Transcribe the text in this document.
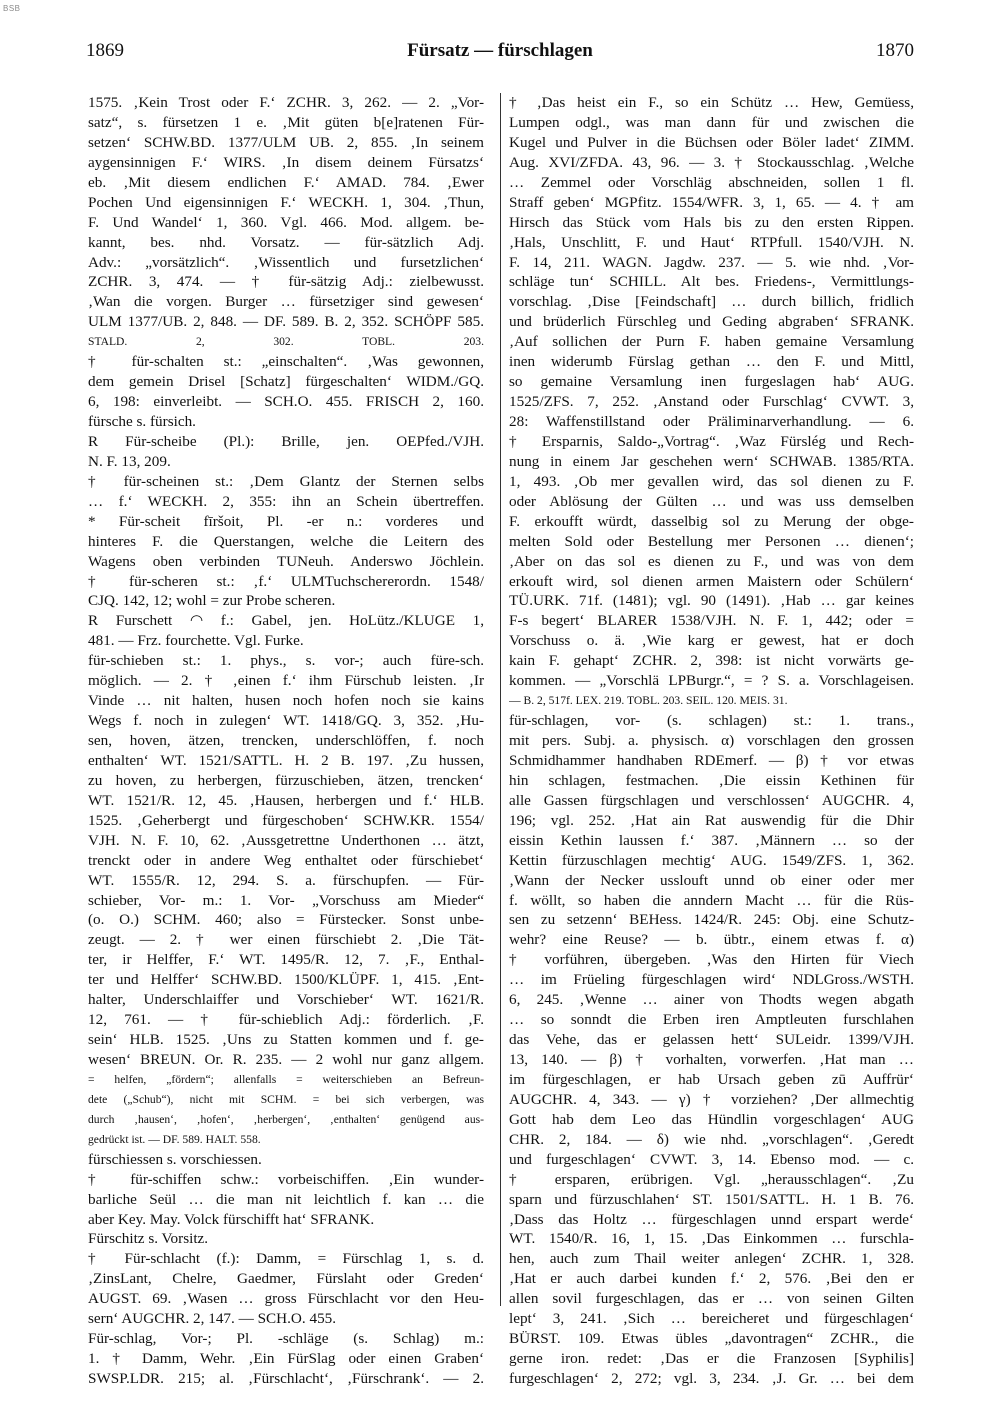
BSB
1869	Fürsatz — fürschlagen	1870
1575. ‚Kein Trost oder F.‘ ZCHR. 3, 262. — 2. „Vor-
satz“, s. fürsetzen 1 e. ‚Mit güten b[e]ratenen Für-
setzen‘ SCHW.BD. 1377/ULM UB. 2, 855. ‚In seinem
aygensinnigen F.‘ WIRS. ‚In disem deinem Fürsatzs‘
eb. ‚Mit diesem endlichen F.‘ AMAD. 784. ‚Ewer
Pochen Und eigensinnigen F.‘ WECKH. 1, 304. ‚Thun,
F. Und Wandel‘ 1, 360. Vgl. 466. Mod. allgem. be-
kannt, bes. nhd. Vorsatz. — für-sätzlich Adj.
Adv.: „vorsätzlich“. ‚Wissentlich und fursetzlichen‘
ZCHR. 3, 474. — † für-sätzig Adj.: zielbewusst.
‚Wan die vorgen. Burger … fürsetziger sind gewesen‘
ULM 1377/UB. 2, 848. — DF. 589. B. 2, 352. SCHÖPF 585.
STALD. 2, 302. TOBL. 203.
† für-schalten st.: „einschalten“. ‚Was gewonnen,
dem gemein Drisel [Schatz] fürgeschalten‘ WIDM./GQ.
6, 198: einverleibt. — SCH.O. 455. FRISCH 2, 160.
fürsche s. fürsich.
R Für-scheibe (Pl.): Brille, jen. OEPfed./VJH.
N. F. 13, 209.
† für-scheinen st.: ‚Dem Glantz der Sternen selbs
… f.‘ WECKH. 2, 355: ihn an Schein übertreffen.
* Für-scheit fīršoit, Pl. -er n.: vorderes und
hinteres F. die Querstangen, welche die Leitern des
Wagens oben verbinden TUNeuh. Anderswo Jöchlein.
† für-scheren st.: ‚f.‘ ULMTuchschererordn. 1548/
CJQ. 142, 12; wohl = zur Probe scheren.
R Furschett ◠ f.: Gabel, jen. HoLütz./KLUGE 1,
481. — Frz. fourchette. Vgl. Furke.
für-schieben st.: 1. phys., s. vor-; auch füre-sch.
möglich. — 2. † ‚einen f.‘ ihm Fürschub leisten. ‚Ir
Vinde … nit halten, husen noch hofen noch sie kains
Wegs f. noch in zulegen‘ WT. 1418/GQ. 3, 352. ‚Hu-
sen, hoven, ätzen, trencken, underschlöffen, f. noch
enthalten‘ WT. 1521/SATTL. H. 2 B. 197. ‚Zu hussen,
zu hoven, zu herbergen, fürzuschieben, ätzen, trencken‘
WT. 1521/R. 12, 45. ‚Hausen, herbergen und f.‘ HLB.
1525. ‚Geherbergt und fürgeschoben‘ SCHW.KR. 1554/
VJH. N. F. 10, 62. ‚Aussgetrettne Underthonen … ätzt,
trenckt oder in andere Weg enthaltet oder fürschiebet‘
WT. 1555/R. 12, 294. S. a. fürschupfen. — Für-
schieber, Vor- m.: 1. Vor- „Vorschuss am Mieder“
(o. O.) SCHM. 460; also = Fürstecker. Sonst unbe-
zeugt. — 2. † wer einen fürschiebt 2. ‚Die Tät-
ter, ir Helffer, F.‘ WT. 1495/R. 12, 7. ‚F., Enthal-
ter und Helffer‘ SCHW.BD. 1500/KLÜPF. 1, 415. ‚Ent-
halter, Underschlaiffer und Vorschieber‘ WT. 1621/R.
12, 761. — † für-schieblich Adj.: förderlich. ‚F.
sein‘ HLB. 1525. ‚Uns zu Statten kommen und f. ge-
wesen‘ BREUN. Or. R. 235. — 2 wohl nur ganz allgem.
= helfen, „fördern“; allenfalls = weiterschieben an Befreun-
dete („Schub“), nicht mit SCHM. = bei sich verbergen, was
durch ‚hausen‘, ‚hofen‘, ‚herbergen‘, ‚enthalten‘ genügend aus-
gedrückt ist. — DF. 589. HALT. 558.
fürschiessen s. vorschiessen.
† für-schiffen schw.: vorbeischiffen. ‚Ein wunder-
barliche Seül … die man nit leichtlich f. kan … die
aber Key. May. Volck fürschifft hat‘ SFRANK.
Fürschitz s. Vorsitz.
† Für-schlacht (f.): Damm, = Fürschlag 1, s. d.
‚ZinsLant, Chelre, Gaedmer, Fürslaht oder Greden‘
AUGST. 69. ‚Wasen … gross Fürschlacht vor den Heu-
sern‘ AUGCHR. 2, 147. — SCH.O. 455.
Für-schlag, Vor-; Pl. -schläge (s. Schlag) m.:
1. † Damm, Wehr. ‚Ein FürSlag oder einen Graben‘
SWSP.LDR. 215; al. ‚Fürschlacht‘, ‚Fürschrank‘. — 2.
† ‚Das heist ein F., so ein Schütz … Hew, Gemüess,
Lumpen odgl., was man dann für und zwischen die
Kugel und Pulver in die Büchsen oder Böler ladet‘ ZIMM.
Aug. XVI/ZFDA. 43, 96. — 3. † Stockausschlag. ‚Welche
… Zemmel oder Vorschläg abschneiden, sollen 1 fl.
Straff geben‘ MGPfitz. 1554/WFR. 3, 1, 65. — 4. † am
Hirsch das Stück vom Hals bis zu den ersten Rippen.
‚Hals, Unschlitt, F. und Haut‘ RTPfull. 1540/VJH. N.
F. 14, 211. WAGN. Jagdw. 237. — 5. wie nhd. ‚Vor-
schläge tun‘ SCHILL. Alt bes. Friedens-, Vermittlungs-
vorschlag. ‚Dise [Feindschaft] … durch billich, fridlich
und brüderlich Fürschleg und Geding abgraben‘ SFRANK.
‚Auf sollichen der Purn F. haben gemaine Versamlung
inen widerumb Fürslag gethan … den F. und Mittl,
so gemaine Versamlung inen furgeslagen hab‘ AUG.
1525/ZFS. 7, 252. ‚Anstand oder Furschlag‘ CVWT. 3,
28: Waffenstillstand oder Präliminarverhandlung. — 6.
† Ersparnis, Saldo-„Vortrag“. ‚Waz Fürslég und Rech-
nung in einem Jar geschehen wern‘ SCHWAB. 1385/RTA.
1, 493. ‚Ob mer gevallen wird, das sol dienen zu F.
oder Ablösung der Gülten … und was uss demselben
F. erkoufft würdt, dasselbig sol zu Merung der obge-
melten Sold oder Bestellung mer Personen … dienen‘;
‚Aber on das sol es dienen zu F., und was von dem
erkouft wird, sol dienen armen Maistern oder Schülern‘
TÜ.URK. 71f. (1481); vgl. 90 (1491). ‚Hab … gar keines
F-s begert‘ BLARER 1538/VJH. N. F. 1, 442; oder =
Vorschuss o. ä. ‚Wie karg er gewest, hat er doch
kain F. gehapt‘ ZCHR. 2, 398: ist nicht vorwärts ge-
kommen. — „Vorschlä LPBurgr.“, = ? S. a. Vorschlageisen.
— B. 2, 517f. LEX. 219. TOBL. 203. SEIL. 120. MEIS. 31.
für-schlagen, vor- (s. schlagen) st.: 1. trans.,
mit pers. Subj. a. physisch. α) vorschlagen den grossen
Schmidhammer handhaben RDEmerf. — β) † vor etwas
hin schlagen, festmachen. ‚Die eissin Kethinen für
alle Gassen fürgschlagen und verschlossen‘ AUGCHR. 4,
196; vgl. 252. ‚Hat ain Rat auswendig für die Dhir
eissin Kethin laussen f.‘ 387. ‚Männern … so der
Kettin fürzuschlagen mechtig‘ AUG. 1549/ZFS. 1, 362.
‚Wann der Necker usslouft unnd ob einer oder mer
f. wöllt, so haben die anndern Macht … für die Rüs-
sen zu setzenn‘ BEHess. 1424/R. 245: Obj. eine Schutz-
wehr? eine Reuse? — b. übtr., einem etwas f. α)
† vorführen, übergeben. ‚Was den Hirten für Viech
… im Früeling fürgeschlagen wird‘ NDLGross./WSTH.
6, 245. ‚Wenne … ainer von Thodts wegen abgath
… so sonndt die Erben iren Amptleuten furschlahen
das Vehe, das er gelassen hett‘ SULeidr. 1399/VJH.
13, 140. — β) † vorhalten, vorwerfen. ‚Hat man …
im fürgeschlagen, er hab Ursach geben zū Auffrür‘
AUGCHR. 4, 343. — γ) † vorziehen? ‚Der allmechtig
Gott hab dem Leo das Hündlin vorgeschlagen‘ AUG
CHR. 2, 184. — δ) wie nhd. „vorschlagen“. ‚Geredt
und furgeschlagen‘ CVWT. 3, 14. Ebenso mod. — c.
† ersparen, erübrigen. Vgl. „herausschlagen“. ‚Zu
sparn und fürzuschlahen‘ ST. 1501/SATTL. H. 1 B. 76.
‚Dass das Holtz … fürgeschlagen unnd erspart werde‘
WT. 1540/R. 16, 1, 15. ‚Das Einkommen … furschla-
hen, auch zum Thail weiter anlegen‘ ZCHR. 1, 328.
‚Hat er auch darbei kunden f.‘ 2, 576. ‚Bei den er
allen sovil furgeschlagen, das er … von seinen Gilten
lept‘ 3, 241. ‚Sich … bereicheret und fürgeschlagen‘
BÜRST. 109. Etwas übles „davontragen“ ZCHR., die
gerne iron. redet: ‚Das er die Franzosen [Syphilis]
furgeschlagen‘ 2, 272; vgl. 3, 234. ‚J. Gr. … bei dem
